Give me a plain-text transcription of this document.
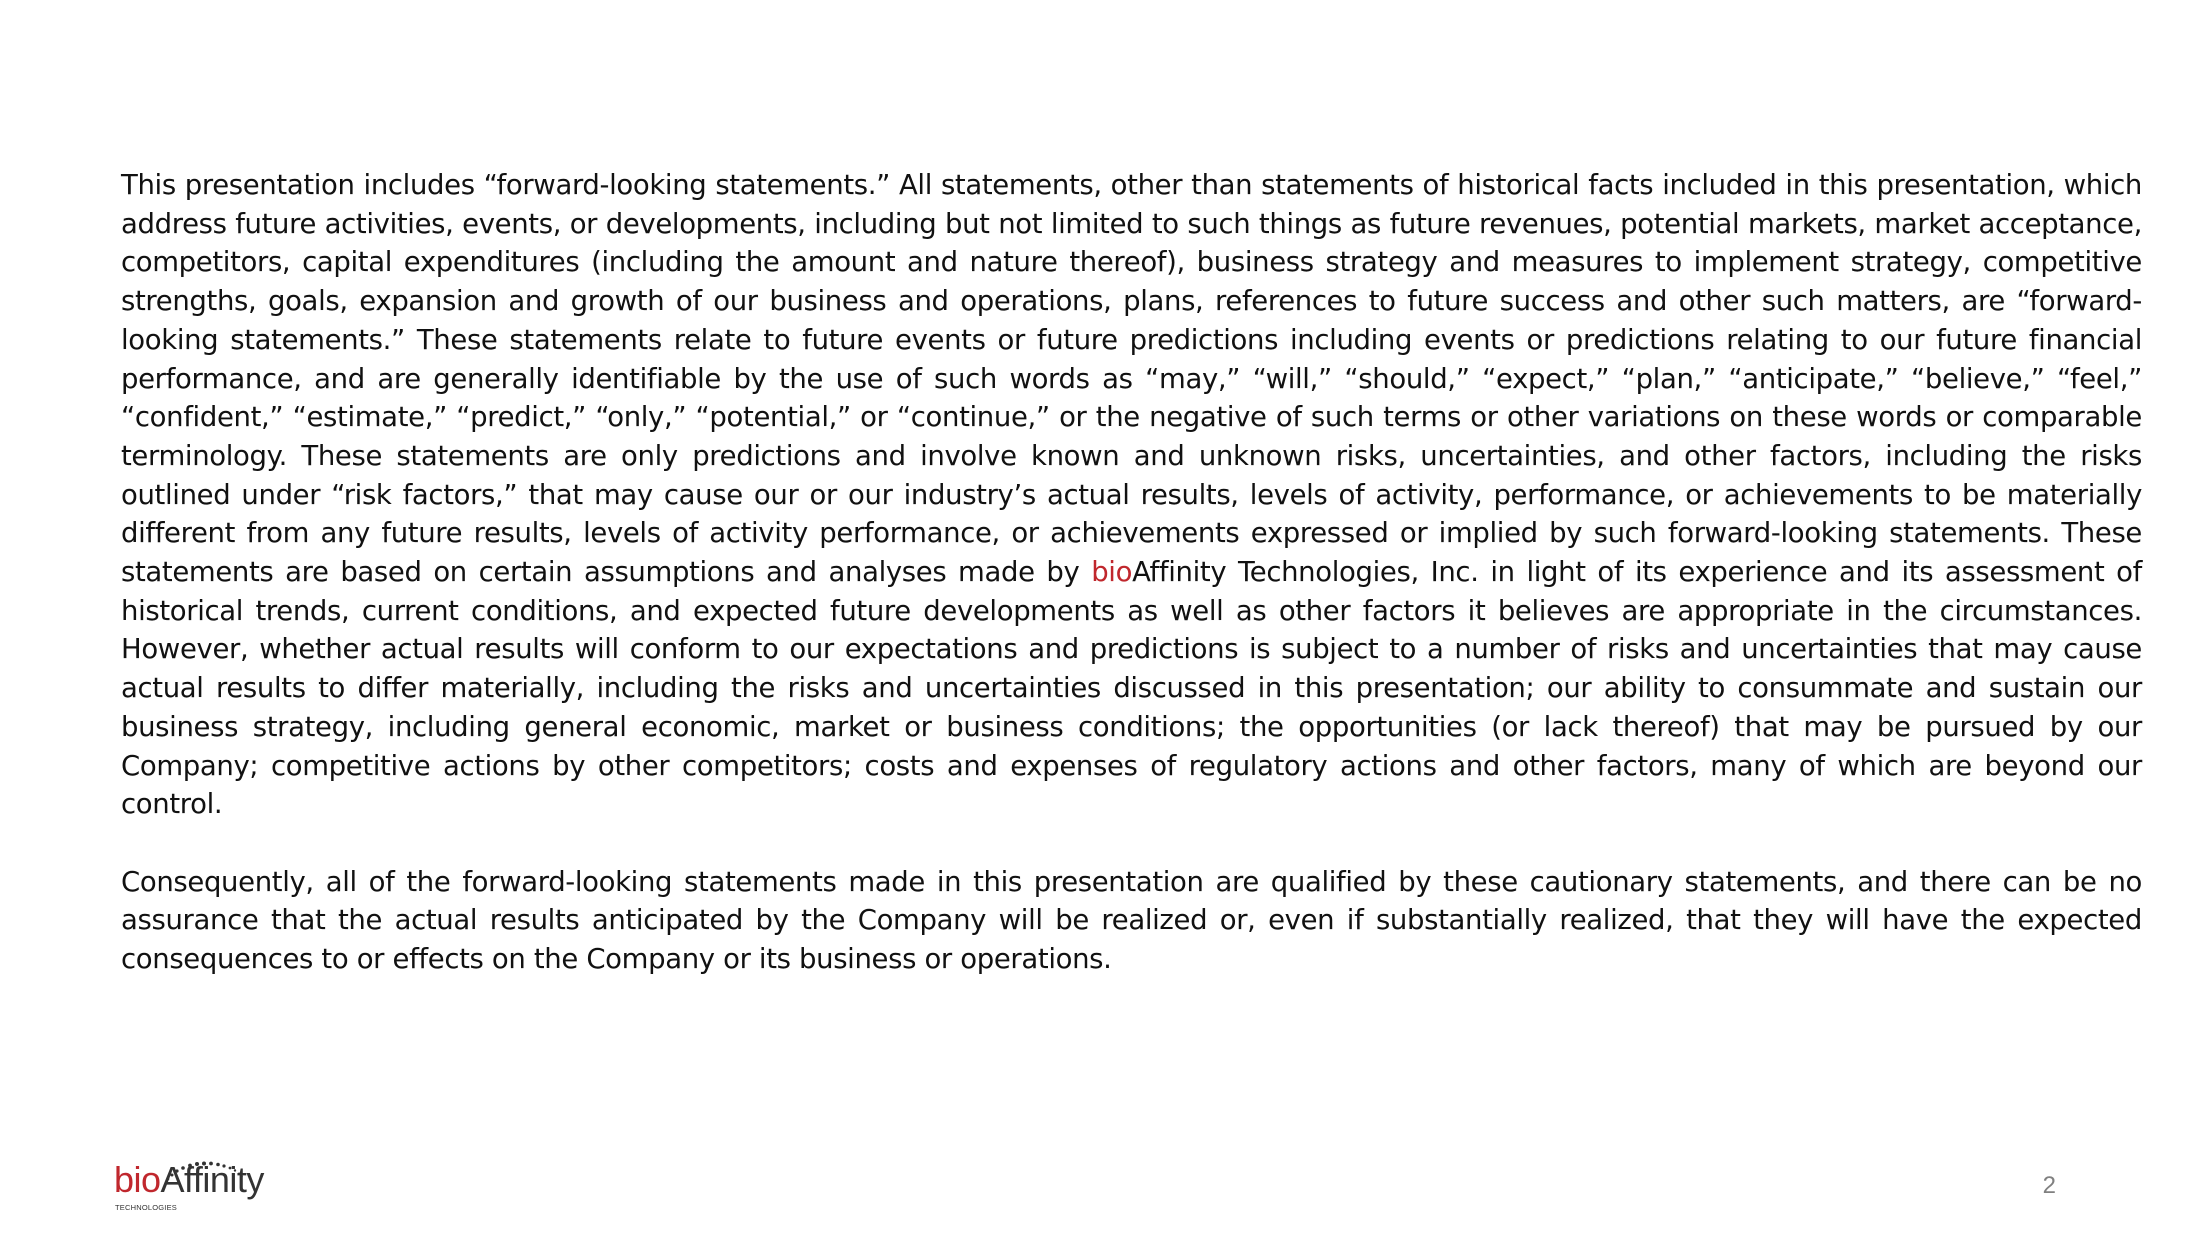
This presentation includes “forward-looking statements.” All statements, other than statements of historical facts included in this presentation, which address future activities, events, or developments, including but not limited to such things as future revenues, potential markets, market acceptance, competitors, capital expenditures (including the amount and nature thereof), business strategy and measures to implement strategy, competitive strengths, goals, expansion and growth of our business and operations, plans, references to future success and other such matters, are “forward-looking statements.” These statements relate to future events or future predictions including events or predictions relating to our future financial performance, and are generally identifiable by the use of such words as “may,” “will,” “should,” “expect,” “plan,” “anticipate,” “believe,” “feel,” “confident,” “estimate,” “predict,” “only,” “potential,” or “continue,” or the negative of such terms or other variations on these words or comparable terminology. These statements are only predictions and involve known and unknown risks, uncertainties, and other factors, including the risks outlined under “risk factors,” that may cause our or our industry’s actual results, levels of activity, performance, or achievements to be materially different from any future results, levels of activity performance, or achievements expressed or implied by such forward-looking statements. These statements are based on certain assumptions and analyses made by bioAffinity Technologies, Inc. in light of its experience and its assessment of historical trends, current conditions, and expected future developments as well as other factors it believes are appropriate in the circumstances. However, whether actual results will conform to our expectations and predictions is subject to a number of risks and uncertainties that may cause actual results to differ materially, including the risks and uncertainties discussed in this presentation; our ability to consummate and sustain our business strategy, including general economic, market or business conditions; the opportunities (or lack thereof) that may be pursued by our Company; competitive actions by other competitors; costs and expenses of regulatory actions and other factors, many of which are beyond our control.

Consequently, all of the forward-looking statements made in this presentation are qualified by these cautionary statements, and there can be no assurance that the actual results anticipated by the Company will be realized or, even if substantially realized, that they will have the expected consequences to or effects on the Company or its business or operations.

bioAffinity
TECHNOLOGIES
2
